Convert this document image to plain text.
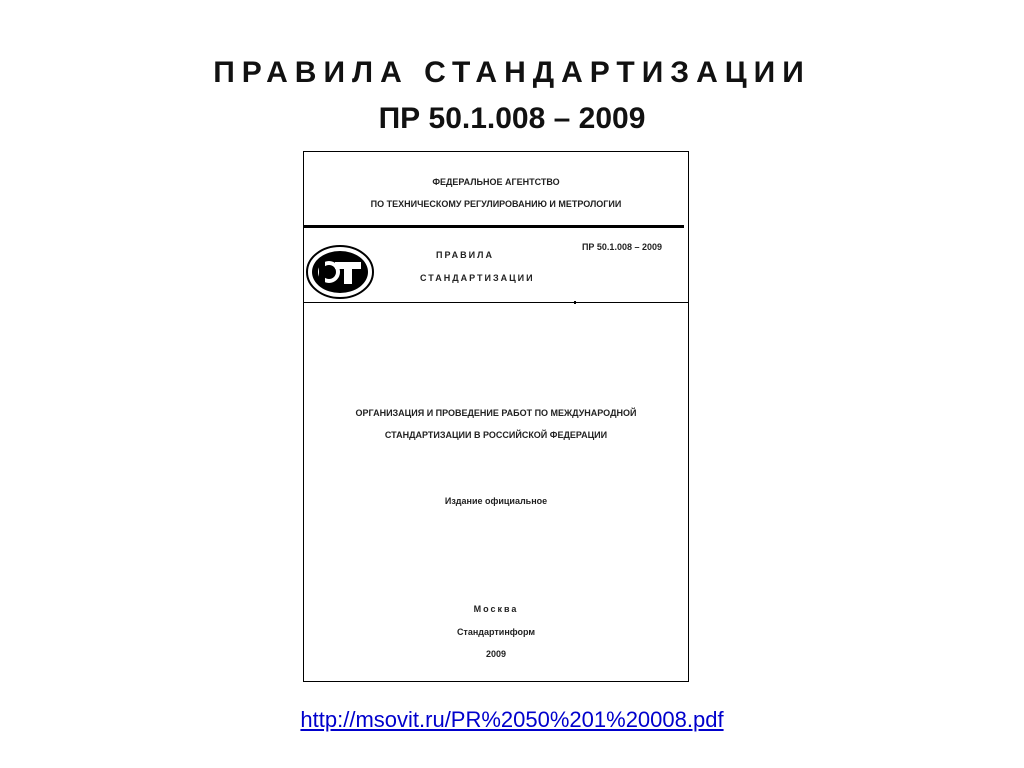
ПРАВИЛА СТАНДАРТИЗАЦИИ
ПР 50.1.008 – 2009
ФЕДЕРАЛЬНОЕ АГЕНТСТВО
ПО ТЕХНИЧЕСКОМУ РЕГУЛИРОВАНИЮ И МЕТРОЛОГИИ
ПРАВИЛА
СТАНДАРТИЗАЦИИ
ПР 50.1.008 – 2009
ОРГАНИЗАЦИЯ И ПРОВЕДЕНИЕ РАБОТ ПО МЕЖДУНАРОДНОЙ
СТАНДАРТИЗАЦИИ В РОССИЙСКОЙ ФЕДЕРАЦИИ
Издание официальное
Москва
Стандартинформ
2009
http://msovit.ru/PR%2050%201%20008.pdf
